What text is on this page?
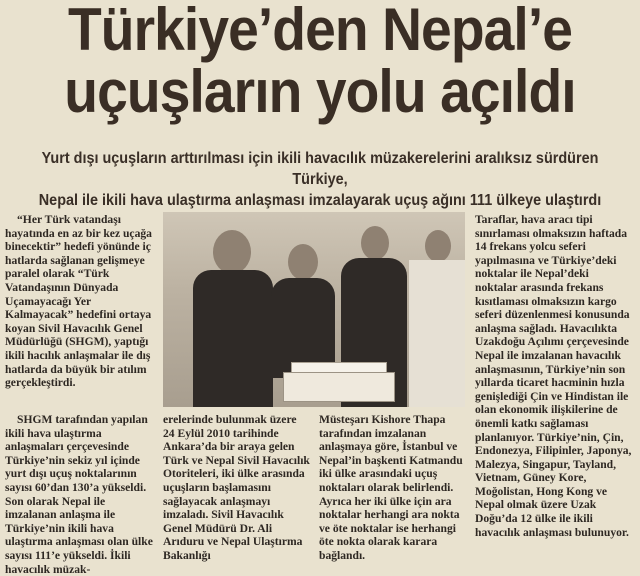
Türkiye’den Nepal’e
uçuşların yolu açıldı
Yurt dışı uçuşların arttırılması için ikili havacılık müzakerelerini aralıksız sürdüren Türkiye,
Nepal ile ikili hava ulaştırma anlaşması imzalayarak uçuş ağını 111 ülkeye ulaştırdı

“Her Türk vatandaşı hayatında en az bir kez uçağa binecektir” hedefi yönünde iç hatlarda sağlanan gelişmeye paralel olarak “Türk Vatandaşının Dünyada Uçamayacağı Yer Kalmayacak” hedefini ortaya koyan Sivil Havacılık Genel Müdürlüğü (SHGM), yaptığı ikili hacılık anlaşmalar ile dış hatlarda da büyük bir atılım gerçekleştirdi.

SHGM tarafından yapılan ikili hava ulaştırma anlaşmaları çerçevesinde Türkiye’nin sekiz yıl içinde yurt dışı uçuş noktalarının sayısı 60’dan 130’a yükseldi. Son olarak Nepal ile imzalanan anlaşma ile Türkiye’nin ikili hava ulaştırma anlaşması olan ülke sayısı 111’e yükseldi. İkili havacılık müzak-

erelerinde bulunmak üzere 24 Eylül 2010 tarihinde Ankara’da bir araya gelen Türk ve Nepal Sivil Havacılık Otoriteleri, iki ülke arasında uçuşların başlamasını sağlayacak anlaşmayı imzaladı. Sivil Havacılık Genel Müdürü Dr. Ali Arıduru ve Nepal Ulaştırma Bakanlığı

Müsteşarı Kishore Thapa tarafından imzalanan anlaşmaya göre, İstanbul ve Nepal’in başkenti Katmandu iki ülke arasındaki uçuş noktaları olarak belirlendi. Ayrıca her iki ülke için ara noktalar herhangi ara nokta ve öte noktalar ise herhangi öte nokta olarak karara bağlandı.

Taraflar, hava aracı tipi sınırlaması olmaksızın haftada 14 frekans yolcu seferi yapılmasına ve Türkiye’deki noktalar ile Nepal’deki noktalar arasında frekans kısıtlaması olmaksızın kargo seferi düzenlenmesi konusunda anlaşma sağladı. Havacılıkta Uzakdoğu Açılımı çerçevesinde Nepal ile imzalanan havacılık anlaşmasının, Türkiye’nin son yıllarda ticaret hacminin hızla genişlediği Çin ve Hindistan ile olan ekonomik ilişkilerine de önemli katkı sağlaması planlanıyor. Türkiye’nin, Çin, Endonezya, Filipinler, Japonya, Malezya, Singapur, Tayland, Vietnam, Güney Kore, Moğolistan, Hong Kong ve Nepal olmak üzere Uzak Doğu’da 12 ülke ile ikili havacılık anlaşması bulunuyor.
